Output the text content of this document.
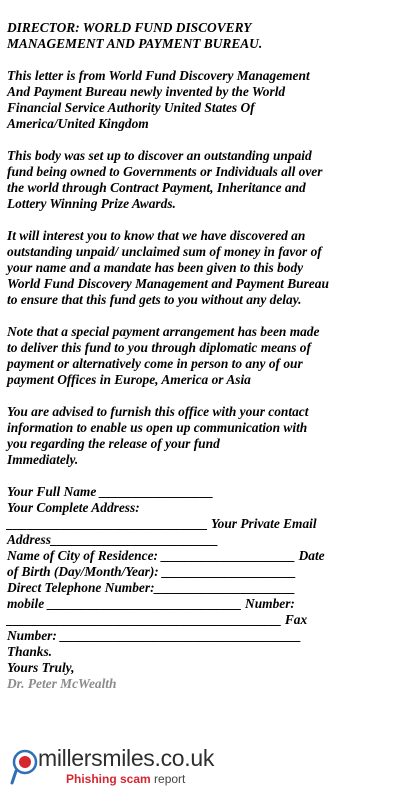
DIRECTOR: WORLD FUND DISCOVERY
MANAGEMENT AND PAYMENT BUREAU.

This letter is from World Fund Discovery Management
And Payment Bureau newly invented by the World
Financial Service Authority United States Of
America/United Kingdom

This body was set up to discover an outstanding unpaid
fund being owned to Governments or Individuals all over
the world through Contract Payment, Inheritance and
Lottery Winning Prize Awards.

It will interest you to know that we have discovered an
outstanding unpaid/ unclaimed sum of money in favor of
your name and a mandate has been given to this body
World Fund Discovery Management and Payment Bureau
to ensure that this fund gets to you without any delay.

Note that a special payment arrangement has been made
to deliver this fund to you through diplomatic means of
payment or alternatively come in person to any of our
payment Offices in Europe, America or Asia

You are advised to furnish this office with your contact
information to enable us open up communication with
you regarding the release of your fund
Immediately.

Your Full Name _________________
Your Complete Address:
______________________________ Your Private Email
Address_________________________
Name of City of Residence: ____________________ Date
of Birth (Day/Month/Year): ____________________
Direct Telephone Number:_____________________
mobile _____________________________ Number:
_________________________________________ Fax
Number: ____________________________________
Thanks.

Yours Truly,
Dr. Peter McWealth

millersmiles.co.uk
Phishing scam report
